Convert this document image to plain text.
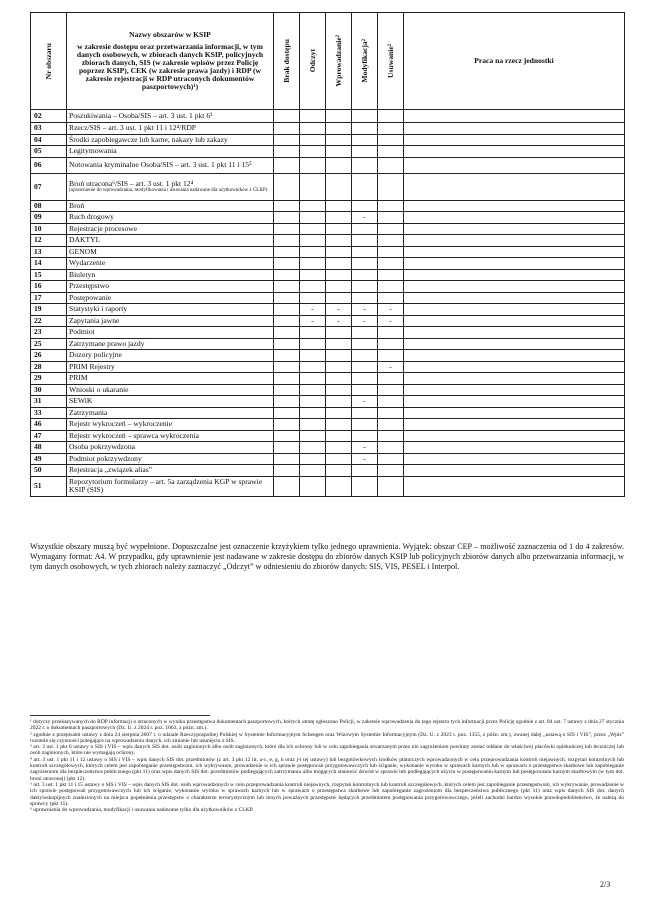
Nr obszaru	Nazwy obszarów w KSIP
w zakresie dostępu oraz przetwarzania informacji, w tym danych osobowych, w zbiorach danych KSIP, policyjnych zbiorach danych, SIS (w zakresie wpisów przez Policję poprzez KSIP), CEK (w zakresie prawa jazdy) i RDP (w zakresie rejestracji w RDP utraconych dokumentów paszportowych)¹)	Brak dostępu	Odczyt	Wprowadzanie²	Modyfikacja²	Usuwanie²	Praca na rzecz jednostki
02	Poszukiwania – Osoba/SIS – art. 3 ust. 1 pkt 6³						
03	Rzecz/SIS – art. 3 ust. 1 pkt 11 i 12⁴/RDP						
04	Środki zapobiegawcze lub karne, nakazy lub zakazy						
05	Legitymowania						
06	Notowania kryminalne Osoba/SIS – art. 3 ust. 1 pkt 11 i 15⁵						
07	Broń utracona⁶/SIS – art. 3 ust. 1 pkt 12⁴
(uprawnienie do wprowadzania, modyfikowania i usuwania nadawane dla użytkowników z CLKP)						

08	Broń						
09	Ruch drogowy				-		
10	Rejestracje procesowe						
12	DAKTYL						
13	GENOM						
14	Wydarzenie						
15	Biuletyn						
16	Przestępstwo						
17	Postępowanie						
19	Statystyki i raporty		-	-	-	-	
22	Zapytania jawne		-	-	-	-	
23	Podmiot						
25	Zatrzymane prawo jazdy						
26	Dozory policyjne						
28	PRIM Rejestry					-	
29	PRIM						
30	Wnioski o ukaranie						
31	SEWiK				-		
33	Zatrzymania						
46	Rejestr wykroczeń – wykroczenie						
47	Rejestr wykroczeń – sprawca wykroczenia						
48	Osoba pokrzywdzona				-		
49	Podmiot pokrzywdzony				-		
50	Rejestracja „związek alias”						
51	Repozytorium formularzy – art. 5a zarządzenia KGP w sprawie KSIP (SIS)						
Wszystkie obszary muszą być wypełnione. Dopuszczalne jest oznaczenie krzyżykiem tylko jednego uprawnienia. Wyjątek: obszar CEP – możliwość zaznaczenia od 1 do 4 zakresów. Wymagany format: A4. W przypadku, gdy uprawnienie jest nadawane w zakresie dostępu do zbiorów danych KSIP lub policyjnych zbiorów danych albo przetwarzania informacji, w tym danych osobowych, w tych zbiorach należy zaznaczyć „Odczyt” w odniesieniu do zbiorów danych: SIS, VIS, PESEL i Interpol.

¹ dotyczy przekazywanych do RDP informacji o utraconych w wyniku przestępstwa dokumentach paszportowych, których utratę zgłoszono Policji, w zakresie wprowadzenia do tego rejestru tych informacji przez Policję zgodnie z art. 84 ust. 7 ustawy z dnia 27 stycznia 2022 r. o dokumentach paszportowych (Dz. U. z 2024 r. poz. 1063, z późn. zm.).

² zgodnie z przepisami ustawy z dnia 24 sierpnia 2007 r. o udziale Rzeczypospolitej Polskiej w Systemie Informacyjnym Schengen oraz Wizowym Systemie Informacyjnym (Dz. U. z 2023 r. poz. 1355, z późn. zm.), zwanej dalej „ustawą o SIS i VIS”, przez „Wpis” rozumie się czynności polegające na wprowadzeniu danych, ich zmianie lub usunięciu z SIS.

³ art. 3 ust. 1 pkt 6 ustawy o SIS i VIS – wpis danych SIS dot. osób zaginionych albo osób zaginionych, które dla ich ochrony lub w celu zapobiegania stwarzanym przez nie zagrożeniom powinny zostać oddane do właściwej placówki opiekuńczej lub leczniczej lub osób zaginionych, które nie wymagają ochrony.

⁴ art. 3 ust. 1 pkt 11 i 12 ustawy o SIS i VIS – wpis danych SIS dot. przedmiotów (z art. 3 pkt 12 lit. a-c, e, g, h oraz j-l tej ustawy) lub bezgotówkowych środków płatniczych wprowadzonych w celu przeprowadzania kontroli niejawnych, rozpytań kontrolnych lub kontroli szczegółowych, których celem jest zapobieganie przestępstwom, ich wykrywanie, prowadzenie w ich sprawie postępowań przygotowawczych lub ściganie, wykonanie wyroku w sprawach karnych lub w sprawach o przestępstwa skarbowe lub zapobieganie zagrożeniom dla bezpieczeństwa publicznego (pkt 11) oraz wpis danych SIS dot. przedmiotów podlegających zatrzymaniu albo mogących stanowić dowód w sprawie lub podlegających użyciu w postępowaniu karnym lub postępowaniu karnym skarbowym (w tym dot. broni utraconej) (pkt 12).

⁵ art. 3 ust. 1 pkt 11 i 15 ustawy o SIS i VIS – wpis danych SIS dot. osób wprowadzonych w celu przeprowadzania kontroli niejawnych, rozpytań kontrolnych lub kontroli szczegółowych, których celem jest zapobieganie przestępstwom, ich wykrywanie, prowadzenie w ich sprawie postępowań przygotowawczych lub ich ściganie, wykonanie wyroku w sprawach karnych lub w sprawach o przestępstwa skarbowe lub zapobieganie zagrożeniom dla bezpieczeństwa publicznego (pkt 11) oraz wpis danych SIS dot. danych daktyloskopijnych znalezionych na miejscu popełnienia przestępstw o charakterze terrorystycznym lub innych poważnych przestępstw będących przedmiotem postępowania przygotowawczego, jeżeli zachodzi bardzo wysokie prawdopodobieństwo, że należą do sprawcy (pkt 15).

⁶ uprawnienia do wprowadzania, modyfikacji i usuwania nadawane tylko dla użytkowników z CLKP.

2/3
